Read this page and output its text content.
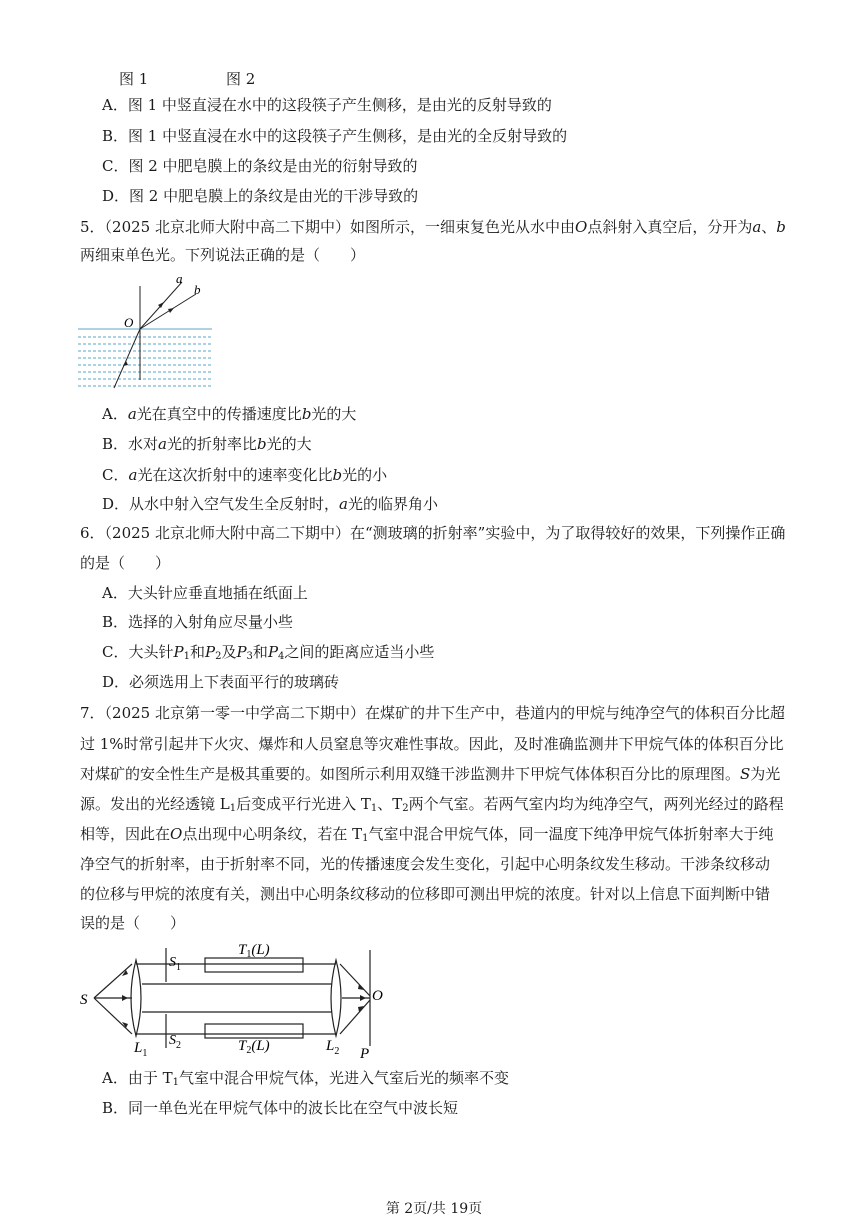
图 1	图 2
A．图 1 中竖直浸在水中的这段筷子产生侧移，是由光的反射导致的
B．图 1 中竖直浸在水中的这段筷子产生侧移，是由光的全反射导致的
C．图 2 中肥皂膜上的条纹是由光的衍射导致的
D．图 2 中肥皂膜上的条纹是由光的干涉导致的
5．（2025 北京北师大附中高二下期中）如图所示，一细束复色光从水中由O点斜射入真空后，分开为a、b
两细束单色光。下列说法正确的是（　　）
a
b
O
A．a光在真空中的传播速度比b光的大
B．水对a光的折射率比b光的大
C．a光在这次折射中的速率变化比b光的小
D．从水中射入空气发生全反射时，a光的临界角小
6．（2025 北京北师大附中高二下期中）在“测玻璃的折射率”实验中，为了取得较好的效果，下列操作正确
的是（　　）
A．大头针应垂直地插在纸面上
B．选择的入射角应尽量小些
C．大头针$P_1$和$P_2$及$P_3$和$P_4$之间的距离应适当小些
D．必须选用上下表面平行的玻璃砖
7．（2025 北京第一零一中学高二下期中）在煤矿的井下生产中，巷道内的甲烷与纯净空气的体积百分比超
过 1%时常引起井下火灾、爆炸和人员窒息等灾难性事故。因此，及时准确监测井下甲烷气体的体积百分比
对煤矿的安全性生产是极其重要的。如图所示利用双缝干涉监测井下甲烷气体体积百分比的原理图。S为光
源。发出的光经透镜 $L_1$后变成平行光进入 $T_1$、$T_2$两个气室。若两气室内均为纯净空气，两列光经过的路程
相等，因此在O点出现中心明条纹，若在 $T_1$气室中混合甲烷气体，同一温度下纯净甲烷气体折射率大于纯
净空气的折射率，由于折射率不同，光的传播速度会发生变化，引起中心明条纹发生移动。干涉条纹移动
的位移与甲烷的浓度有关，测出中心明条纹移动的位移即可测出甲烷的浓度。针对以上信息下面判断中错
误的是（　　）
S
$S_1$
$S_2$
$T_1(L)$
$T_2(L)$
$L_1$	$L_2$
O
P
A．由于 $T_1$气室中混合甲烷气体，光进入气室后光的频率不变
B．同一单色光在甲烷气体中的波长比在空气中波长短
第 2页/共 19页
